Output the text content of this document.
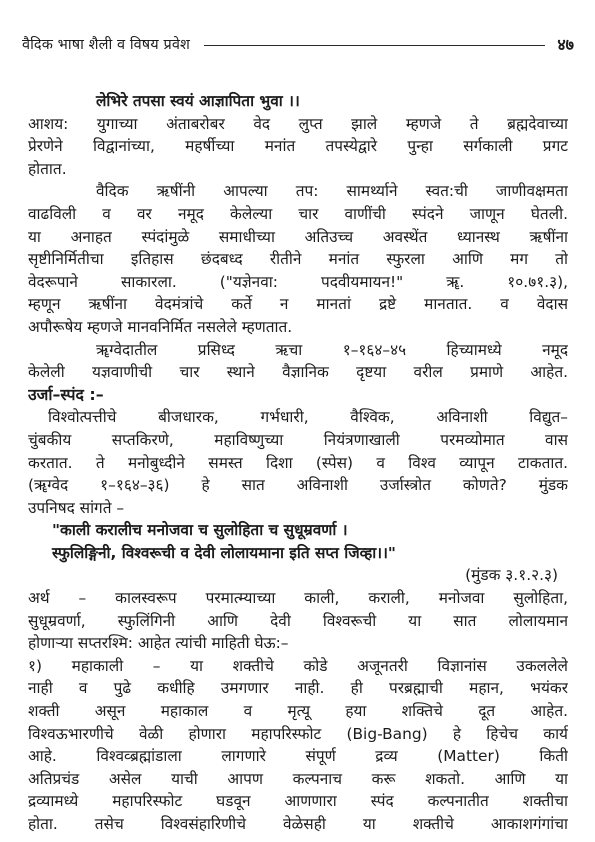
वैदिक भाषा शैली व विषय प्रवेश	४७
लेभिरे तपसा स्वयं आज्ञापिता भुवा ।।
आशय: युगाच्या अंताबरोबर वेद लुप्त झाले म्हणजे ते ब्रह्मदेवाच्या
प्रेरणेने विद्वानांच्या, महर्षीच्या मनांत तपस्येद्वारे पुन्हा सर्गकाली प्रगट
होतात.
वैदिक ऋषींनी आपल्या तप: सामर्थ्याने स्वत:ची जाणीवक्षमता
वाढविली व वर नमूद केलेल्या चार वाणींची स्पंदने जाणून घेतली.
या अनाहत स्पंदांमुळे समाधीच्या अतिउच्च अवस्थेंत ध्यानस्थ ऋषींना
सृष्टीनिर्मितीचा इतिहास छंदबध्द रीतीने मनांत स्फुरला आणि मग तो
वेदरूपाने साकारला. ("यज्ञेनवा: पदवीयमायन!" ॠ. १०.७१.३),
म्हणून ऋषींना वेदमंत्रांचे कर्ते न मानतां द्रष्टे मानतात. व वेदास
अपौरूषेय म्हणजे मानवनिर्मित नसलेले म्हणतात.
ॠग्वेदातील प्रसिध्द ऋचा १–१६४–४५ हिच्यामध्ये नमूद
केलेली यज्ञवाणीची चार स्थाने वैज्ञानिक दृष्टया वरील प्रमाणे आहेत.
उर्जा–स्पंद :–
विश्वोत्पत्तीचे बीजधारक, गर्भधारी, वैश्विक, अविनाशी विद्युत–
चुंबकीय सप्तकिरणे, महाविष्णुच्या नियंत्रणाखाली परमव्योमात वास
करतात. ते मनोबुध्दीने समस्त दिशा (स्पेस) व विश्व व्यापून टाकतात.
(ॠग्वेद १–१६४–३६) हे सात अविनाशी उर्जास्त्रोत कोणते? मुंडक
उपनिषद सांगते –
"काली करालीच मनोजवा च सुलोहिता च सुधूम्रवर्णा ।
स्फुलिङ्गिनी, विश्वरूची व देवी लोलायमाना इति सप्त जिव्हा।।"
(मुंडक ३.१.२.३)
अर्थ – कालस्वरूप परमात्म्याच्या काली, कराली, मनोजवा सुलोहिता,
सुधूम्रवर्णा, स्फुलिंगिनी आणि देवी विश्वरूची या सात लोलायमान
होणाऱ्या सप्तरश्मि: आहेत त्यांची माहिती घेऊ:–
१) महाकाली – या शक्तीचे कोडे अजूनतरी विज्ञानांस उकललेले
नाही व पुढे कधीहि उमगणार नाही. ही परब्रह्माची महान, भयंकर
शक्ती असून महाकाल व मृत्यू हया शक्तिचे दूत आहेत.
विश्वऊभारणीचे वेळी होणारा महापरिस्फोट (Big-Bang) हे हिचेच कार्य
आहे. विश्वव्ब्रह्मांडाला लागणारे संपूर्ण द्रव्य (Matter) किती
अतिप्रचंड असेल याची आपण कल्पनाच करू शकतो. आणि या
द्रव्यामध्ये महापरिस्फोट घडवून आणणारा स्पंद कल्पनातीत शक्तीचा
होता. तसेच विश्वसंहारिणीचे वेळेसही या शक्तीचे आकाशगंगांचा
